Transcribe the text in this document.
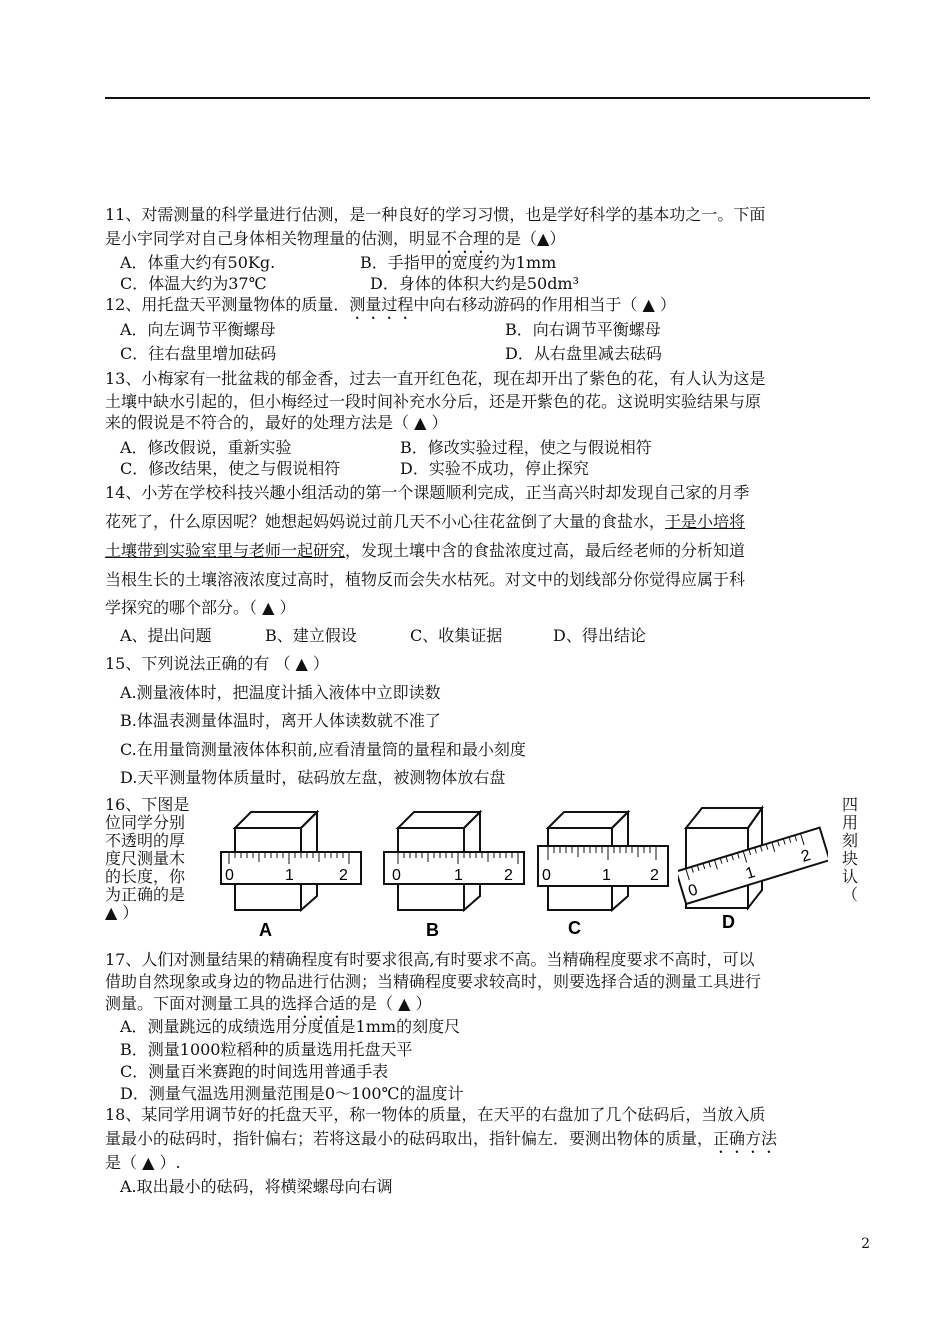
11、对需测量的科学量进行估测，是一种良好的学习习惯，也是学好科学的基本功之一。下面
是小宇同学对自己身体相关物理量的估测，明显不合理的是（▲）
A．体重大约有50Kg.	B．手指甲的宽度约为1mm
C．体温大约为37℃	D．身体的体积大约是50dm³
12、用托盘天平测量物体的质量．测量过程中向右移动游码的作用相当于（ ▲ ）
A．向左调节平衡螺母	B．向右调节平衡螺母
C．往右盘里增加砝码	D．从右盘里减去砝码
13、小梅家有一批盆栽的郁金香，过去一直开红色花，现在却开出了紫色的花，有人认为这是
土壤中缺水引起的，但小梅经过一段时间补充水分后，还是开紫色的花。这说明实验结果与原
来的假说是不符合的，最好的处理方法是（ ▲ ）
A．修改假说，重新实验	B．修改实验过程，使之与假说相符
C．修改结果，使之与假说相符	D．实验不成功，停止探究
14、小芳在学校科技兴趣小组活动的第一个课题顺利完成，正当高兴时却发现自己家的月季
花死了，什么原因呢？她想起妈妈说过前几天不小心往花盆倒了大量的食盐水，于是小培将
土壤带到实验室里与老师一起研究，发现土壤中含的食盐浓度过高，最后经老师的分析知道
当根生长的土壤溶液浓度过高时，植物反而会失水枯死。对文中的划线部分你觉得应属于科
学探究的哪个部分。（ ▲ ）
A、提出问题	B、建立假设	C、收集证据	D、得出结论
15、下列说法正确的有 （ ▲ ）
A.测量液体时，把温度计插入液体中立即读数
B.体温表测量体温时，离开人体读数就不准了
C.在用量筒测量液体体积前,应看清量筒的量程和最小刻度
D.天平测量物体质量时，砝码放左盘，被测物体放右盘
16、下图是
位同学分别
不透明的厚
度尺测量木
的长度，你
为正确的是
▲ ）
四
用
刻
块
认
（
0	1	2
A
0	1	2
B
0	1 2
C
0
1
2
D
17、人们对测量结果的精确程度有时要求很高,有时要求不高。当精确程度要求不高时，可以
借助自然现象或身边的物品进行估测；当精确程度要求较高时，则要选择合适的测量工具进行
测量。下面对测量工具的选择合适的是（ ▲ ）
A．测量跳远的成绩选用分度值是1mm的刻度尺
B．测量1000粒稻种的质量选用托盘天平
C．测量百米赛跑的时间选用普通手表
D．测量气温选用测量范围是0～100℃的温度计
18、某同学用调节好的托盘天平，称一物体的质量，在天平的右盘加了几个砝码后，当放入质
量最小的砝码时，指针偏右；若将这最小的砝码取出，指针偏左．要测出物体的质量，正确方法
是（ ▲ ）.
A.取出最小的砝码，将横梁螺母向右调
2
